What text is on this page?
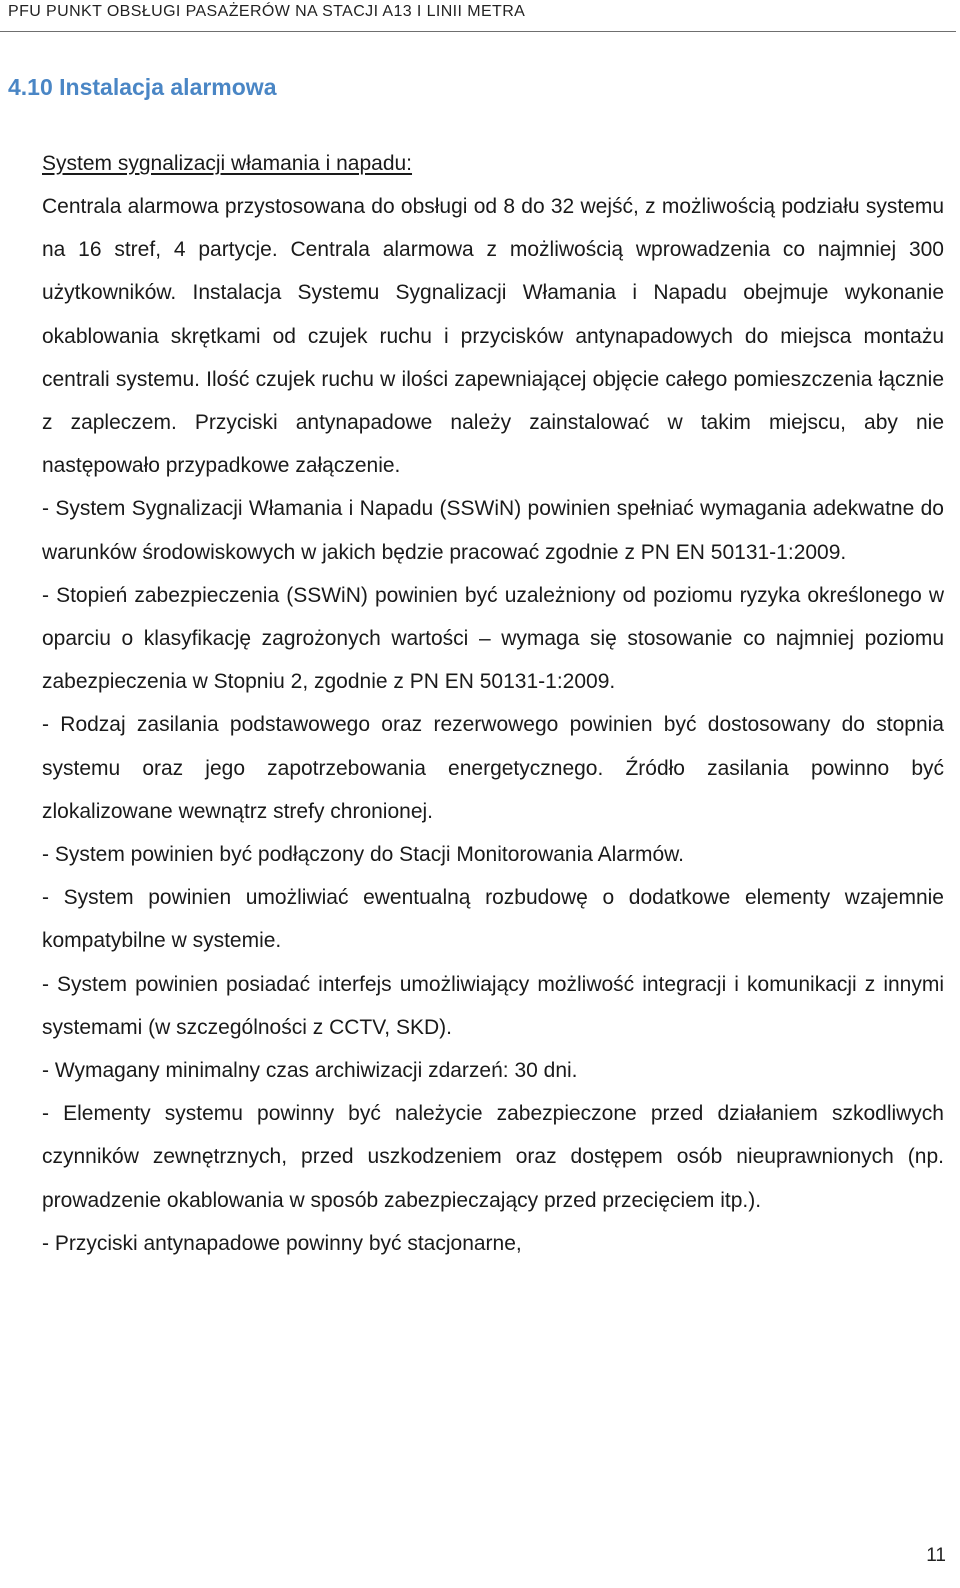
PFU PUNKT OBSŁUGI PASAŻERÓW NA STACJI A13 I LINII METRA
4.10 Instalacja alarmowa
System sygnalizacji włamania i napadu:

Centrala alarmowa przystosowana do obsługi od 8 do 32 wejść, z możliwością podziału systemu na 16 stref, 4 partycje. Centrala alarmowa z możliwością wprowadzenia co najmniej 300 użytkowników. Instalacja Systemu Sygnalizacji Włamania i Napadu obejmuje wykonanie okablowania skrętkami od czujek ruchu i przycisków antynapadowych do miejsca montażu centrali systemu. Ilość czujek ruchu w ilości zapewniającej objęcie całego pomieszczenia łącznie z zapleczem. Przyciski antynapadowe należy zainstalować w takim miejscu, aby nie następowało przypadkowe załączenie.

- System Sygnalizacji Włamania i Napadu (SSWiN) powinien spełniać wymagania adekwatne do warunków środowiskowych w jakich będzie pracować zgodnie z PN EN 50131-1:2009.

- Stopień zabezpieczenia (SSWiN) powinien być uzależniony od poziomu ryzyka określonego w oparciu o klasyfikację zagrożonych wartości – wymaga się stosowanie co najmniej poziomu zabezpieczenia w Stopniu 2, zgodnie z PN EN 50131-1:2009.

- Rodzaj zasilania podstawowego oraz rezerwowego powinien być dostosowany do stopnia systemu oraz jego zapotrzebowania energetycznego. Źródło zasilania powinno być zlokalizowane wewnątrz strefy chronionej.

- System powinien być podłączony do Stacji Monitorowania Alarmów.

- System powinien umożliwiać ewentualną rozbudowę o dodatkowe elementy wzajemnie kompatybilne w systemie.

- System powinien posiadać interfejs umożliwiający możliwość integracji i komunikacji z innymi systemami (w szczególności z CCTV, SKD).

- Wymagany minimalny czas archiwizacji zdarzeń: 30 dni.

- Elementy systemu powinny być należycie zabezpieczone przed działaniem szkodliwych czynników zewnętrznych, przed uszkodzeniem oraz dostępem osób nieuprawnionych (np. prowadzenie okablowania w sposób zabezpieczający przed przecięciem itp.).

- Przyciski antynapadowe powinny być stacjonarne,

11
